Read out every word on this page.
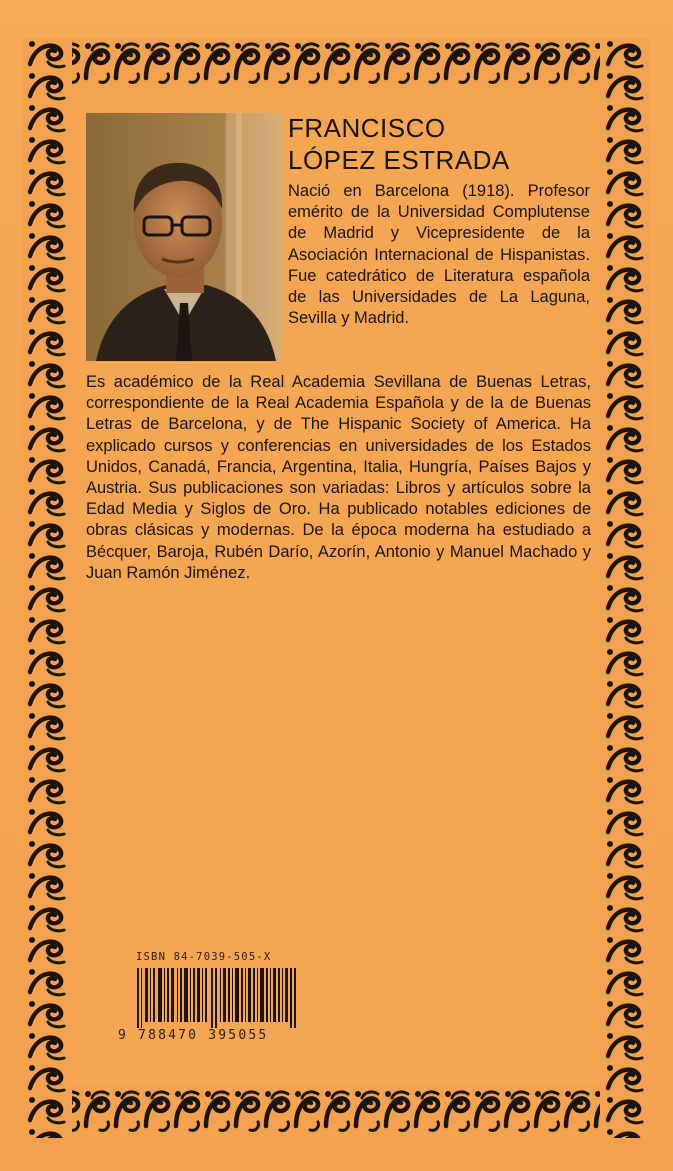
FRANCISCO
LÓPEZ ESTRADA

Nació en Barcelona (1918). Profesor emérito de la Universidad Complutense de Madrid y Vicepresidente de la Asociación Internacional de Hispanistas. Fue catedrático de Literatura española de las Universidades de La Laguna, Sevilla y Madrid.

Es académico de la Real Academia Sevillana de Buenas Letras, correspondiente de la Real Academia Española y de la de Buenas Letras de Barcelona, y de The Hispanic Society of America. Ha explicado cursos y conferencias en universidades de los Estados Unidos, Canadá, Francia, Argentina, Italia, Hungría, Países Bajos y Austria. Sus publicaciones son variadas: Libros y artículos sobre la Edad Media y Siglos de Oro. Ha publicado notables ediciones de obras clásicas y modernas. De la época moderna ha estudiado a Bécquer, Baroja, Rubén Darío, Azorín, Antonio y Manuel Machado y Juan Ramón Jiménez.

ISBN 84-7039-505-X
9 788470 395055
